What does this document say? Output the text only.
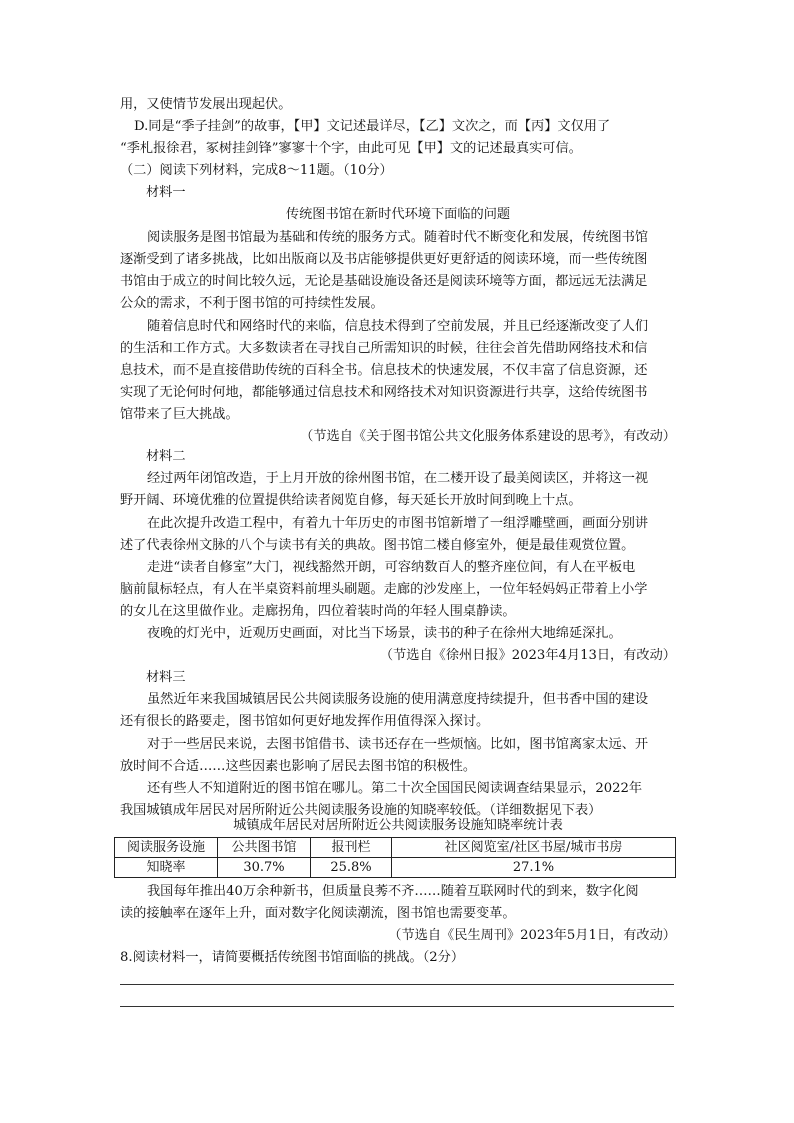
用，又使情节发展出现起伏。
D.同是“季子挂剑”的故事，【甲】文记述最详尽，【乙】文次之，而【丙】文仅用了
“季札报徐君，冢树挂剑锋”寥寥十个字，由此可见【甲】文的记述最真实可信。
（二）阅读下列材料，完成8～11题。（10分）
材料一
传统图书馆在新时代环境下面临的问题
阅读服务是图书馆最为基础和传统的服务方式。随着时代不断变化和发展，传统图书馆
逐渐受到了诸多挑战，比如出版商以及书店能够提供更好更舒适的阅读环境，而一些传统图
书馆由于成立的时间比较久远，无论是基础设施设备还是阅读环境等方面，都远远无法满足
公众的需求，不利于图书馆的可持续性发展。
随着信息时代和网络时代的来临，信息技术得到了空前发展，并且已经逐渐改变了人们
的生活和工作方式。大多数读者在寻找自己所需知识的时候，往往会首先借助网络技术和信
息技术，而不是直接借助传统的百科全书。信息技术的快速发展，不仅丰富了信息资源，还
实现了无论何时何地，都能够通过信息技术和网络技术对知识资源进行共享，这给传统图书
馆带来了巨大挑战。
（节选自《关于图书馆公共文化服务体系建设的思考》，有改动）
材料二
经过两年闭馆改造，于上月开放的徐州图书馆，在二楼开设了最美阅读区，并将这一视
野开阔、环境优雅的位置提供给读者阅览自修，每天延长开放时间到晚上十点。
在此次提升改造工程中，有着九十年历史的市图书馆新增了一组浮雕壁画，画面分别讲
述了代表徐州文脉的八个与读书有关的典故。图书馆二楼自修室外，便是最佳观赏位置。
走进“读者自修室”大门，视线豁然开朗，可容纳数百人的整齐座位间，有人在平板电
脑前鼠标轻点，有人在半桌资料前埋头刷题。走廊的沙发座上，一位年轻妈妈正带着上小学
的女儿在这里做作业。走廊拐角，四位着装时尚的年轻人围桌静读。
夜晚的灯光中，近观历史画面，对比当下场景，读书的种子在徐州大地绵延深扎。
（节选自《徐州日报》2023年4月13日，有改动）
材料三
虽然近年来我国城镇居民公共阅读服务设施的使用满意度持续提升，但书香中国的建设
还有很长的路要走，图书馆如何更好地发挥作用值得深入探讨。
对于一些居民来说，去图书馆借书、读书还存在一些烦恼。比如，图书馆离家太远、开
放时间不合适……这些因素也影响了居民去图书馆的积极性。
还有些人不知道附近的图书馆在哪儿。第二十次全国国民阅读调查结果显示，2022年
我国城镇成年居民对居所附近公共阅读服务设施的知晓率较低。（详细数据见下表）
城镇成年居民对居所附近公共阅读服务设施知晓率统计表
阅读服务设施	公共图书馆	报刊栏	社区阅览室/社区书屋/城市书房
知晓率	30.7%	25.8%	27.1%
我国每年推出40万余种新书，但质量良莠不齐……随着互联网时代的到来，数字化阅
读的接触率在逐年上升，面对数字化阅读潮流，图书馆也需要变革。
（节选自《民生周刊》2023年5月1日，有改动）
8.阅读材料一，请简要概括传统图书馆面临的挑战。（2分）
